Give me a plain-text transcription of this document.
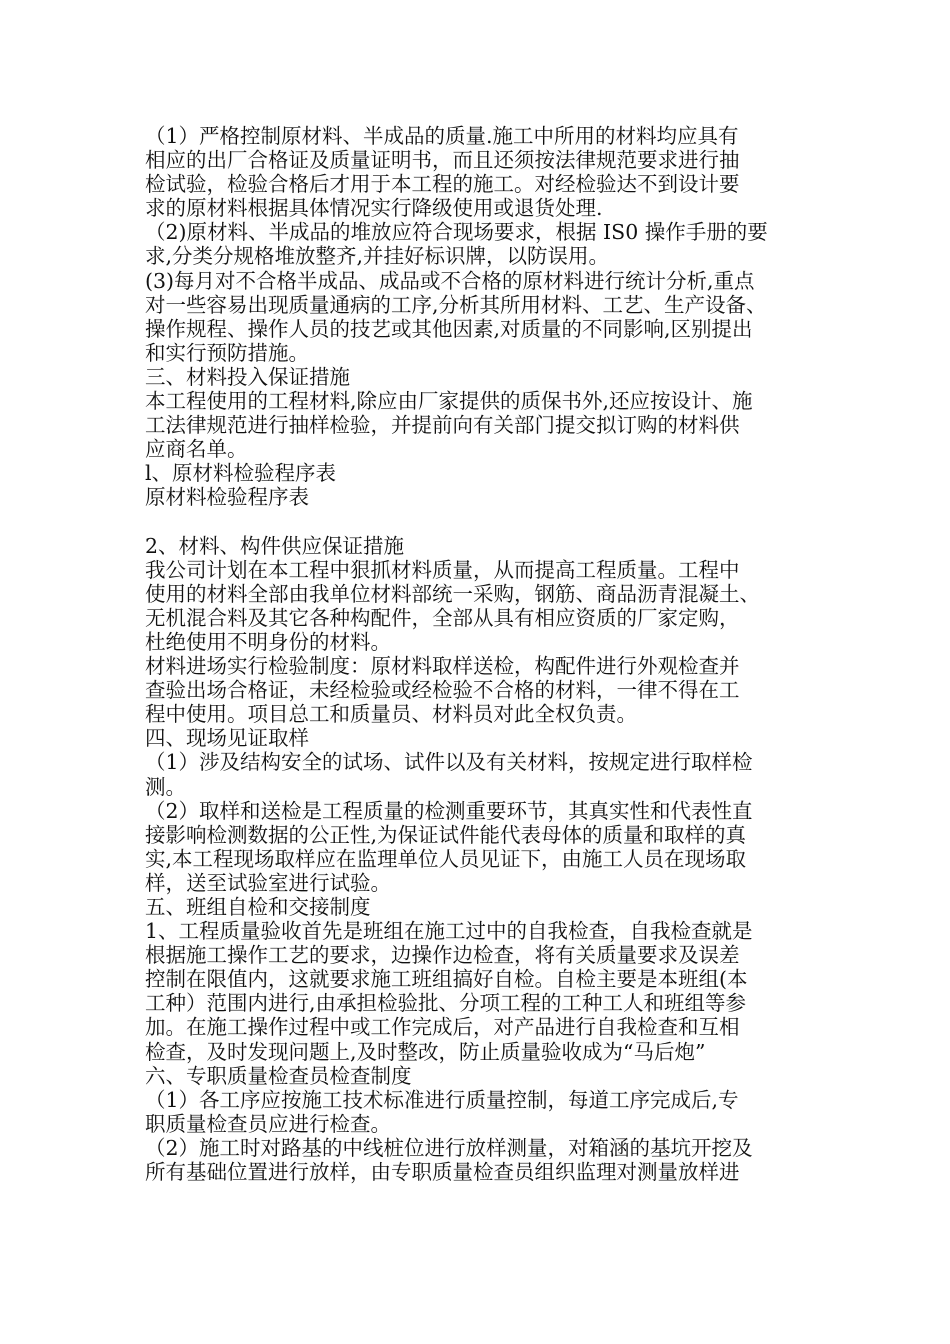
（1）严格控制原材料、半成品的质量.施工中所用的材料均应具有
相应的出厂合格证及质量证明书，而且还须按法律规范要求进行抽
检试验，检验合格后才用于本工程的施工。对经检验达不到设计要
求的原材料根据具体情况实行降级使用或退货处理.
（2)原材料、半成品的堆放应符合现场要求，根据 IS0 操作手册的要
求,分类分规格堆放整齐,并挂好标识牌，以防误用。
(3)每月对不合格半成品、成品或不合格的原材料进行统计分析,重点
对一些容易出现质量通病的工序,分析其所用材料、工艺、生产设备、
操作规程、操作人员的技艺或其他因素,对质量的不同影响,区别提出
和实行预防措施。
三、材料投入保证措施
本工程使用的工程材料,除应由厂家提供的质保书外,还应按设计、施
工法律规范进行抽样检验，并提前向有关部门提交拟订购的材料供
应商名单。
l、原材料检验程序表
原材料检验程序表
2、材料、构件供应保证措施
我公司计划在本工程中狠抓材料质量，从而提高工程质量。工程中
使用的材料全部由我单位材料部统一采购，钢筋、商品沥青混凝土、
无机混合料及其它各种构配件，全部从具有相应资质的厂家定购，
杜绝使用不明身份的材料。
材料进场实行检验制度：原材料取样送检，构配件进行外观检查并
查验出场合格证，未经检验或经检验不合格的材料，一律不得在工
程中使用。项目总工和质量员、材料员对此全权负责。
四、现场见证取样
（1）涉及结构安全的试场、试件以及有关材料，按规定进行取样检
测。
（2）取样和送检是工程质量的检测重要环节，其真实性和代表性直
接影响检测数据的公正性,为保证试件能代表母体的质量和取样的真
实,本工程现场取样应在监理单位人员见证下，由施工人员在现场取
样，送至试验室进行试验。
五、班组自检和交接制度
1、工程质量验收首先是班组在施工过中的自我检查，自我检查就是
根据施工操作工艺的要求，边操作边检查，将有关质量要求及误差
控制在限值内，这就要求施工班组搞好自检。自检主要是本班组(本
工种）范围内进行,由承担检验批、分项工程的工种工人和班组等参
加。在施工操作过程中或工作完成后，对产品进行自我检查和互相
检查，及时发现问题上,及时整改，防止质量验收成为“马后炮”
六、专职质量检查员检查制度
（1）各工序应按施工技术标准进行质量控制，每道工序完成后,专
职质量检查员应进行检查。
（2）施工时对路基的中线桩位进行放样测量，对箱涵的基坑开挖及
所有基础位置进行放样，由专职质量检查员组织监理对测量放样进
